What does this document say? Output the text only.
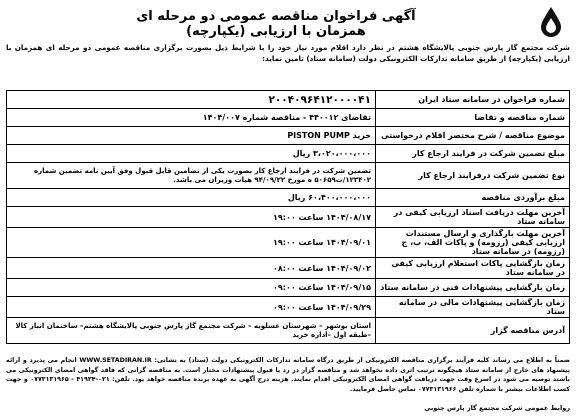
آگهی فراخوان مناقصه عمومی دو مرحله ای همزمان با ارزیابی (یکپارچه)
شرکت مجتمع گاز پارس جنوبی پالایشگاه هشتم در نظر دارد اقلام مورد نیاز خود را با شرایط ذیل بصورت برگزاری مناقصه عمومی دو مرحله ای همزمان با ارزیابی (یکپارچه) از طریق سامانه تدارکات الکترونیکی دولت (سامانه ستاد) تامین نماید:
شماره فراخوان در سامانه ستاد ایران	۲۰۰۴۰۹۶۴۱۲۰۰۰۰۴۱
شماره مناقصه و تقاضا	تقاضای ۴۴۰۰۱۲ - مناقصه شماره ۱۴۰۴/۰۰۷
موضوع مناقصه / شرح مختصر اقلام درخواستی	خرید PISTON PUMP
مبلغ تضمین شرکت در فرایند ارجاع کار	۳،۰۲۰،۰۰۰،۰۰۰ ریال
نوع تضمین شرکت درفرایند ارجاع کار	تضمین شرکت در فرایند ارجاع کار بصورت یکی از تضامین قابل قبول وفق آیین نامه تضمین شماره ۱۲۳۴۰۲/ت۵۰۶۵۹ ه مورخ ۹۴/۰۹/۲۲ هیات وزیران می باشد.
مبلغ برآوردی مناقصه	۶۰،۴۰۰،۰۰۰،۰۰۰ ریال
آخرین مهلت دریافت اسناد ارزیابی کیفی در سامانه ستاد	۱۴۰۴/۰۸/۱۷ ساعت ۱۹:۰۰
آخرین مهلت بارگذاری و ارسال مستندات ارزیابی کیفی (رزومه) و پاکات الف، ب، ج (رزومه) در سامانه ستاد	۱۴۰۴/۰۹/۰۱ ساعت ۱۹:۰۰
زمان بازگشایی پاکات استعلام ارزیابی کیفی در سامانه ستاد	۱۴۰۴/۰۹/۰۲ ساعت ۰۸:۰۰
زمان بازگشایی پیشنهادات فنی در سامانه ستاد	۱۴۰۴/۰۹/۱۵ ساعت ۰۹:۰۰
زمان بازگشایی پیشنهادات مالی در سامانه ستاد	۱۴۰۴/۰۹/۲۹ ساعت ۰۹:۰۰
آدرس مناقصه گزار	استان بوشهر – شهرستان عسلویه – شرکت مجتمع گاز پارس جنوبی پالایشگاه هشتم– ساختمان انبار کالا –طبقه اول –اداره خرید
ضمناً به اطلاع می رساند کلیه فرآیند برگزاری مناقصه الکترونیکی از طریق درگاه سامانه تدارکات الکترونیکی دولت (ستاد) به نشانی: WWW.SETADIRAN.IR انجام می پذیرد و ارائه پیشنهاد های خارج از سامانه ستاد هیچگونه ترتیب اثری داده نخواهد شد و مناقصه گزار در رد یا قبول پیشنهادات مختار است. به مناقصه گرانی که فاقد گواهی امضای الکترونیکی می باشند توصیه می شود در اسرع وقت جهت دریافت گواهی امضای الکترونیکی اقدام نمایند. هزینه درج آگهی به عهده برنده مناقصه خواهد بود. تلفن: ۰۲۱-۴۱۹۳۴ - ۰۷۷۳۱۳۱۹۶۵ و جهت کسب اطلاعات بیشتر با شماره تلفن ۰۷۷۳۱۳۱۹۶۶ تماس حاصل فرمایید.
روابط عمومی شرکت مجتمع گاز پارس جنوبی
